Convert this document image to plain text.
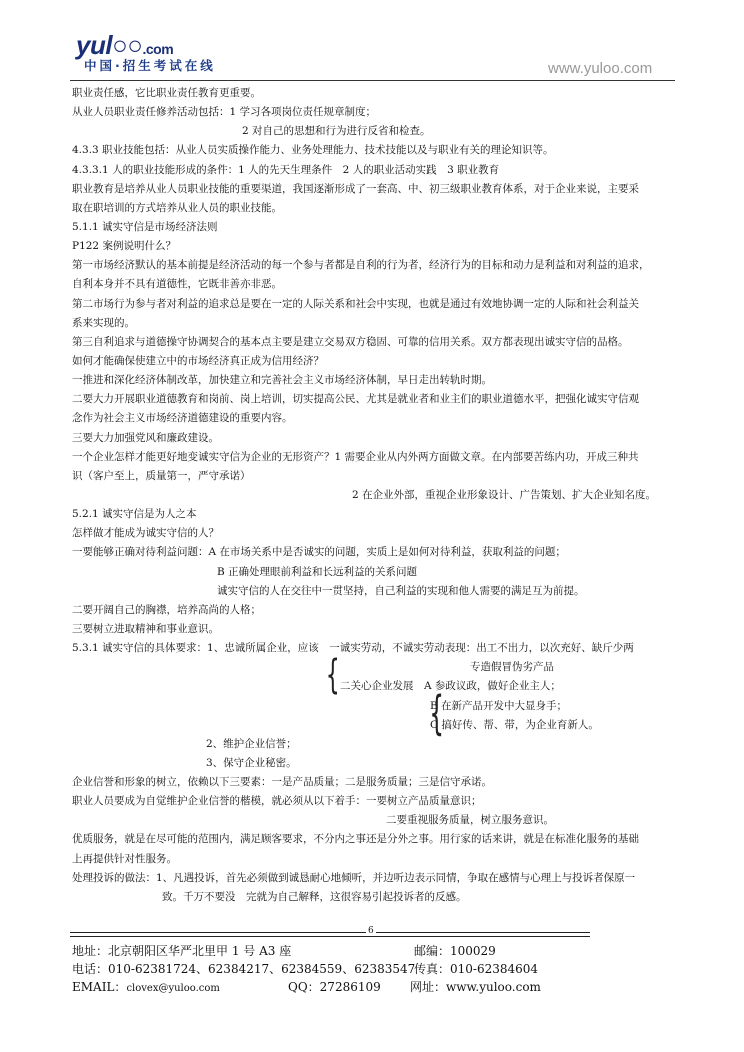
yul○○.com
中国·招生考试在线	www.yuloo.com
职业责任感，它比职业责任教育更重要。
从业人员职业责任修养活动包括：1 学习各项岗位责任规章制度；
2 对自己的思想和行为进行反省和检查。
4.3.3 职业技能包括：从业人员实质操作能力、业务处理能力、技术技能以及与职业有关的理论知识等。
4.3.3.1 人的职业技能形成的条件：1 人的先天生理条件　2 人的职业活动实践　3 职业教育
职业教育是培养从业人员职业技能的重要渠道，我国逐渐形成了一套高、中、初三级职业教育体系，对于企业来说，主要采
取在职培训的方式培养从业人员的职业技能。
5.1.1 诚实守信是市场经济法则
P122 案例说明什么？
第一市场经济默认的基本前提是经济活动的每一个参与者都是自利的行为者，经济行为的目标和动力是利益和对利益的追求，
自利本身并不具有道德性，它既非善亦非恶。
第二市场行为参与者对利益的追求总是要在一定的人际关系和社会中实现，也就是通过有效地协调一定的人际和社会利益关
系来实现的。
第三自利追求与道德操守协调契合的基本点主要是建立交易双方稳固、可靠的信用关系。双方都表现出诚实守信的品格。
如何才能确保使建立中的市场经济真正成为信用经济？
一推进和深化经济体制改革，加快建立和完善社会主义市场经济体制，早日走出转轨时期。
二要大力开展职业道德教育和岗前、岗上培训，切实提高公民、尤其是就业者和业主们的职业道德水平，把强化诚实守信观
念作为社会主义市场经济道德建设的重要内容。
三要大力加强党风和廉政建设。
一个企业怎样才能更好地变诚实守信为企业的无形资产？1 需要企业从内外两方面做文章。在内部要苦练内功，开成三种共
识（客户至上，质量第一，严守承诺）
2 在企业外部，重视企业形象设计、广告策划、扩大企业知名度。
5.2.1 诚实守信是为人之本
怎样做才能成为诚实守信的人？
一要能够正确对待利益问题：A 在市场关系中是否诚实的问题，实质上是如何对待利益，获取利益的问题；
B 正确处理眼前利益和长远利益的关系问题
诚实守信的人在交往中一贯坚持，自己利益的实现和他人需要的满足互为前提。
二要开阔自己的胸襟，培养高尚的人格；
三要树立进取精神和事业意识。
5.3.1 诚实守信的具体要求：1、忠诚所属企业，应该　一诚实劳动，不诚实劳动表现：出工不出力，以次充好、缺斤少两
专造假冒伪劣产品
二关心企业发展　A 参政议政，做好企业主人；
B 在新产品开发中大显身手；
C 搞好传、帮、带，为企业育新人。
2、维护企业信誉；
3、保守企业秘密。
企业信誉和形象的树立，依赖以下三要素：一是产品质量；二是服务质量；三是信守承诺。
职业人员要成为自觉维护企业信誉的楷模，就必须从以下着手：一要树立产品质量意识；
二要重视服务质量，树立服务意识。
优质服务，就是在尽可能的范围内，满足顾客要求，不分内之事还是分外之事。用行家的话来讲，就是在标准化服务的基础
上再提供针对性服务。
处理投诉的做法：1、凡遇投诉，首先必须做到诚恳耐心地倾听，并边听边表示同情，争取在感情与心理上与投诉者保原一
致。千万不要没　完就为自己解释，这很容易引起投诉者的反感。
{
{
6
地址：北京朝阳区华严北里甲 1 号 A3 座	邮编：100029
电话：010-62381724、62384217、62384559、62383547
传真：010-62384604
EMAIL：clovex@yuloo.com	QQ：27286109 网址：www.yuloo.com
